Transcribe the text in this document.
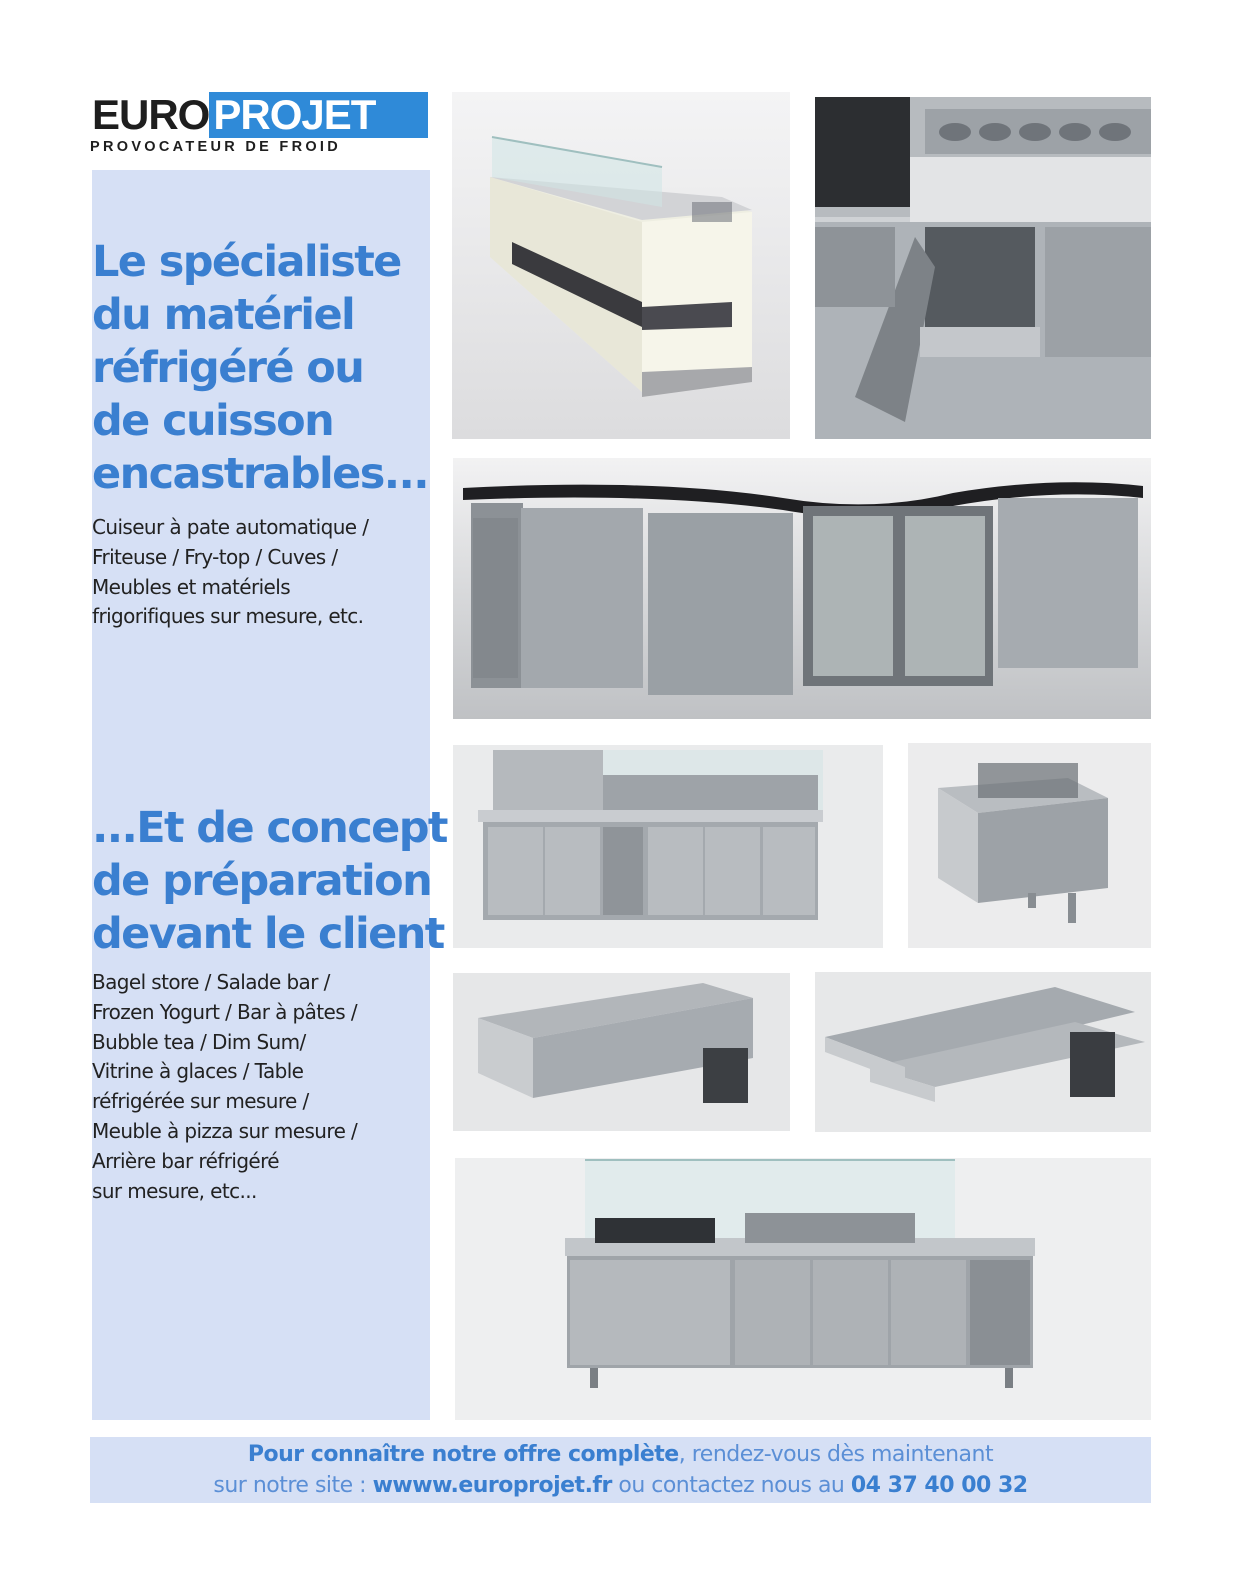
EURO PROJET
PROVOCATEUR DE FROID
Le spécialiste
du matériel
réfrigéré ou
de cuisson
encastrables...

Cuiseur à pate automatique /
Friteuse / Fry-top / Cuves /
Meubles et matériels
frigorifiques sur mesure, etc.

...Et de concept
de préparation
devant le client

Bagel store / Salade bar /
Frozen Yogurt / Bar à pâtes /
Bubble tea / Dim Sum/
Vitrine à glaces / Table
réfrigérée sur mesure /
Meuble à pizza sur mesure /
Arrière bar réfrigéré
sur mesure, etc...

Pour connaître notre offre complète, rendez-vous dès maintenant
sur notre site : wwww.europrojet.fr ou contactez nous au 04 37 40 00 32
